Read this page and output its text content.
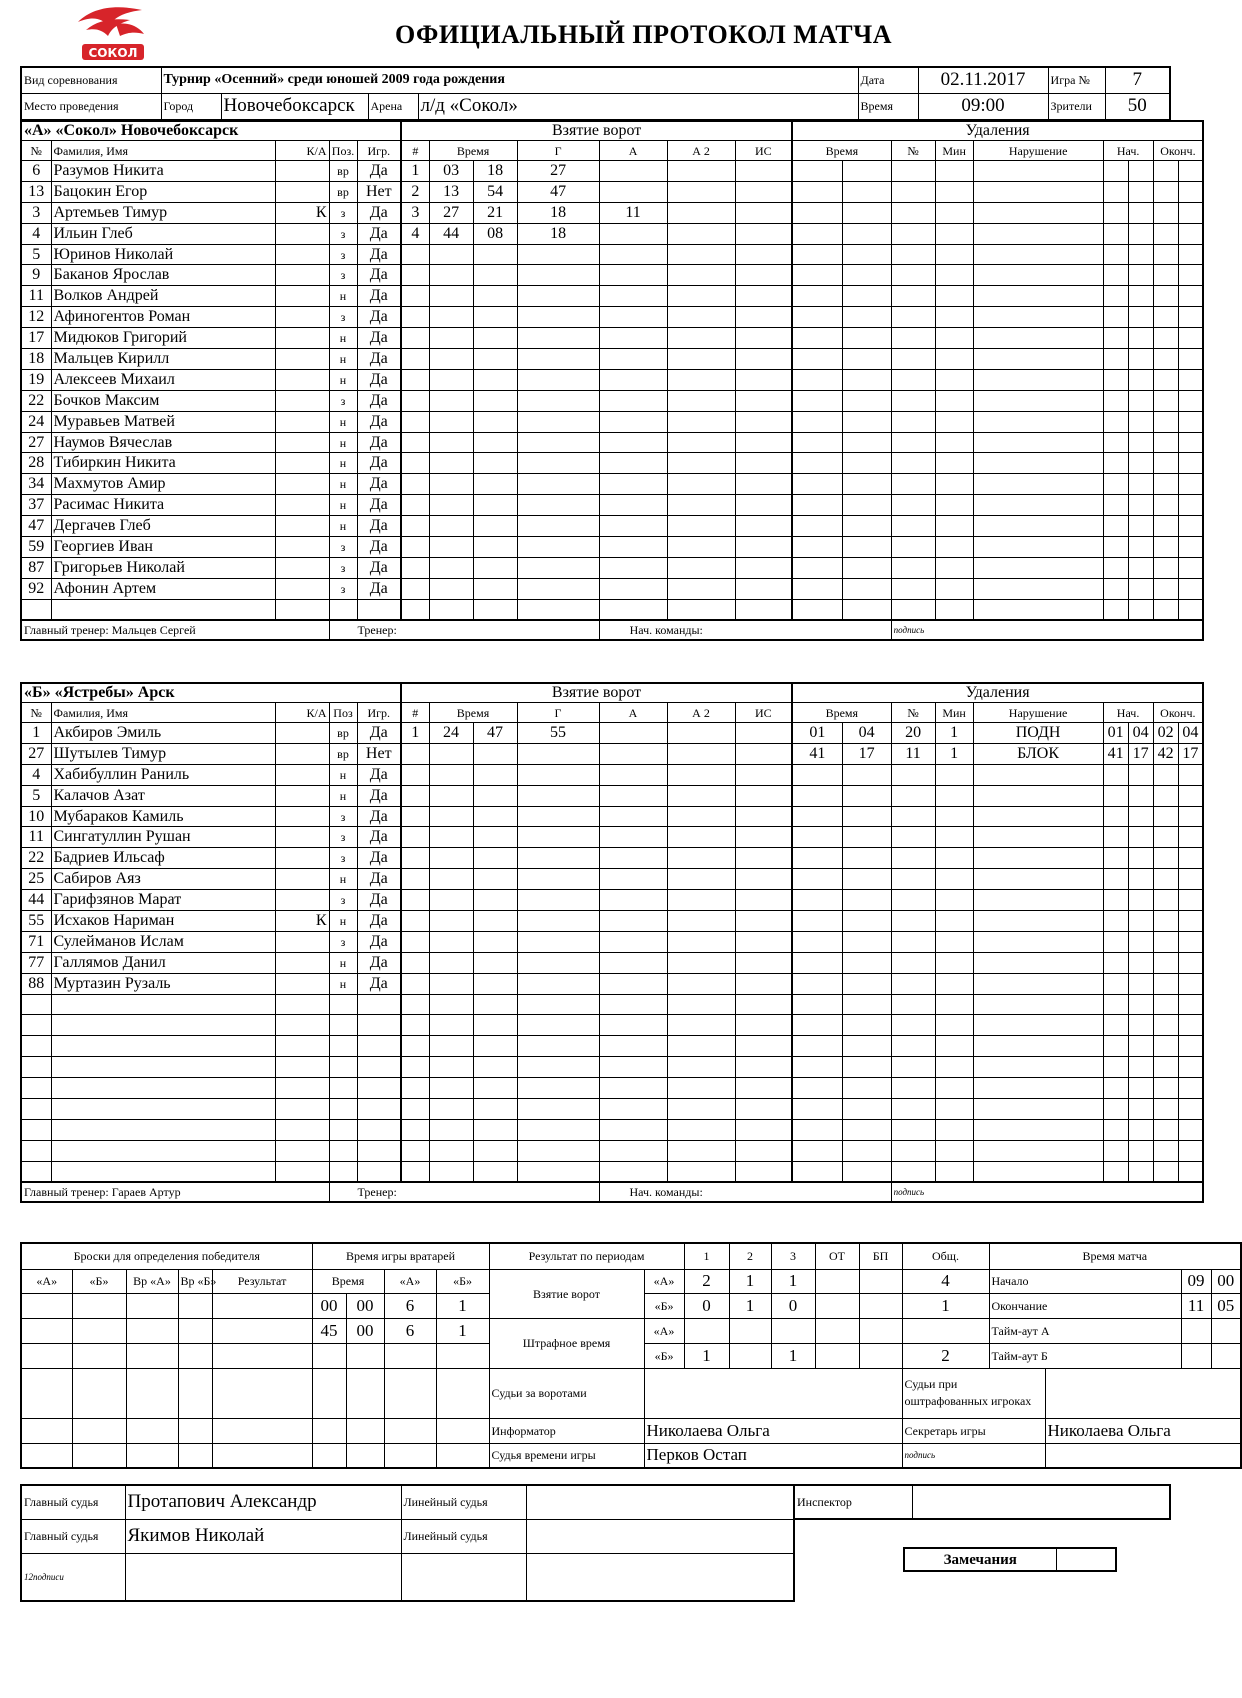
СОКОЛ
ОФИЦИАЛЬНЫЙ ПРОТОКОЛ МАТЧА
Вид соревнования	Турнир «Осенний» среди юношей 2009 года рождения				Дата	02.11.2017	Игра №	7
Место проведения	Город	Новочебоксарск	Арена	л/д «Сокол»	Время	09:00	Зрители	50
«А» «Сокол» Новочебоксарск					Взятие ворот							Удаления								
№	Фамилия, Имя	К/А	Поз.	Игр.	#	Время		Г	А	А 2	ИС	Время		№	Мин	Нарушение	Нач.		Оконч.	
6	Разумов Никита		вр	Да	1	03	18	27												
13	Бацокин Егор		вр	Нет	2	13	54	47												
3	Артемьев Тимур	К	з	Да	3	27	21	18	11											
4	Ильин Глеб		з	Да	4	44	08	18												
5	Юринов Николай		з	Да																
9	Баканов Ярослав		з	Да																
11	Волков Андрей		н	Да																
12	Афиногентов Роман		з	Да																
17	Мидюков Григорий		н	Да																
18	Мальцев Кирилл		н	Да																
19	Алексеев Михаил		н	Да																
22	Бочков Максим		з	Да																
24	Муравьев Матвей		н	Да																
27	Наумов Вячеслав		н	Да																
28	Тибиркин Никита		н	Да																
34	Махмутов Амир		н	Да																
37	Расимас Никита		н	Да																
47	Дергачев Глеб		н	Да																
59	Георгиев Иван		з	Да																
87	Григорьев Николай		з	Да																
92	Афонин Артем		з	Да																

Главный тренер: Мальцев Сергей			Тренер:						Нач. команды:					подпись						
«Б» «Ястребы» Арск					Взятие ворот							Удаления								
№	Фамилия, Имя	К/А	Поз	Игр.	#	Время		Г	А	А 2	ИС	Время		№	Мин	Нарушение	Нач.		Оконч.	
1	Акбиров Эмиль		вр	Да	1	24	47	55				01	04	20	1	ПОДН	01	04	02	04
27	Шутылев Тимур		вр	Нет								41	17	11	1	БЛОК	41	17	42	17
4	Хабибуллин Раниль		н	Да																
5	Калачов Азат		н	Да																
10	Мубараков Камиль		з	Да																
11	Сингатуллин Рушан		з	Да																
22	Бадриев Ильсаф		з	Да																
25	Сабиров Аяз		н	Да																
44	Гарифзянов Марат		з	Да																
55	Исхаков Нариман	К	н	Да																
71	Сулейманов Ислам		з	Да																
77	Галлямов Данил		н	Да																
88	Муртазин Рузаль		н	Да																

Главный тренер: Гараев Артур			Тренер:						Нач. команды:					подпись						
Броски для определения победителя					Время игры вратарей				Результат по периодам		1	2	3	ОТ	БП	Общ.	Время матча			
«А»	«Б»	Вр «А»	Вр «Б»	Результат	Время		«А»	«Б»	Взятие ворот	«А»	2	1	1			4	Начало		09	00
					00	00	6	1		«Б»	0	1	0			1	Окончание		11	05
					45	00	6	1	Штрафное время	«А»							Тайм-аут А			
										«Б»	1		1			2	Тайм-аут Б			
									Судьи за воротами							Судьи при оштрафованных игроках				
									Информатор	Николаева Ольга						Секретарь игры		Николаева Ольга		
									Судья времени игры	Перков Остап						подпись				
Главный судья	Протапович Александр	Линейный судья		Инспектор	
Главный судья	Якимов Николай	Линейный судья			
12подписи					
Замечания	
